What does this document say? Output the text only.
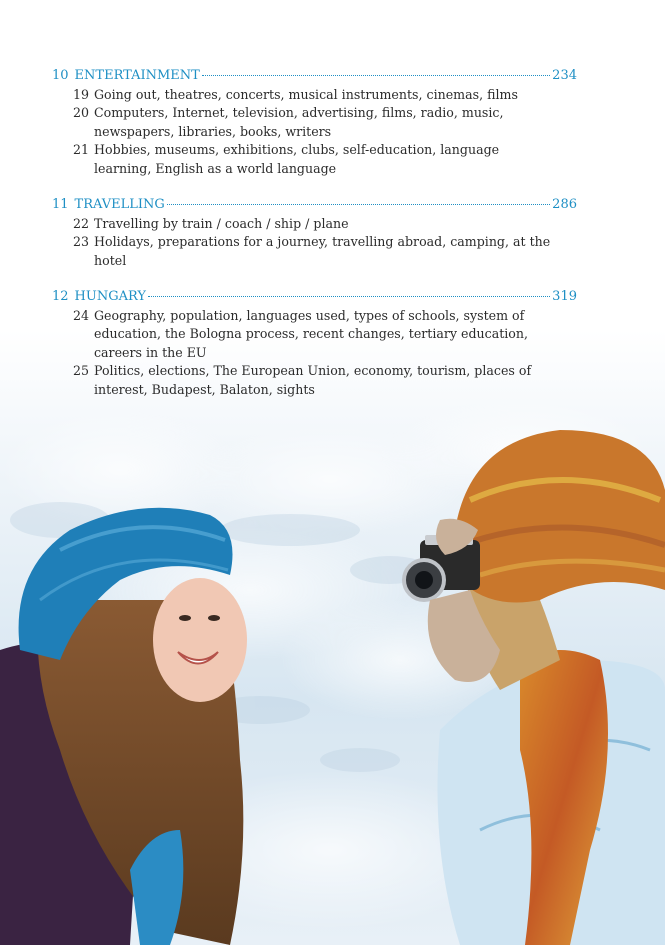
10 ENTERTAINMENT	234
19 Going out, theatres, concerts, musical instruments, cinemas, films
20 Computers, Internet, television, advertising, films, radio, music, newspapers, libraries, books, writers
21 Hobbies, museums, exhibitions, clubs, self-education, language learning, English as a world language
11 TRAVELLING	286
22 Travelling by train / coach / ship / plane
23 Holidays, preparations for a journey, travelling abroad, camping, at the hotel
12 HUNGARY	319
24 Geography, population, languages used, types of schools, system of education, the Bologna process, recent changes, tertiary education, careers in the EU
25 Politics, elections, The European Union, economy, tourism, places of interest, Budapest, Balaton, sights
